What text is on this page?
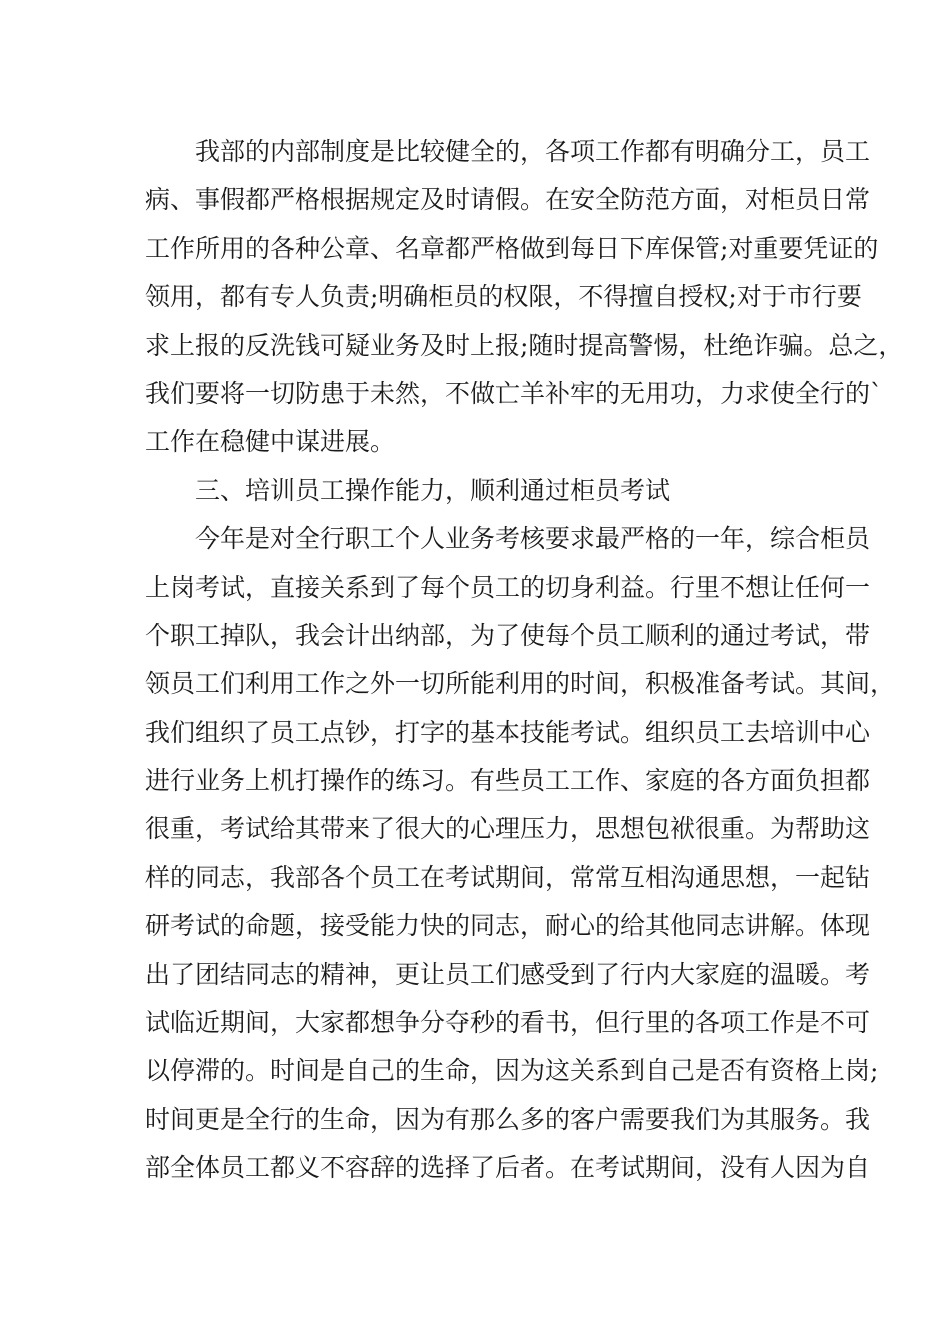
我部的内部制度是比较健全的，各项工作都有明确分工，员工
病、事假都严格根据规定及时请假。在安全防范方面，对柜员日常
工作所用的各种公章、名章都严格做到每日下库保管;对重要凭证的
领用，都有专人负责;明确柜员的权限，不得擅自授权;对于市行要
求上报的反洗钱可疑业务及时上报;随时提高警惕，杜绝诈骗。总之，
我们要将一切防患于未然，不做亡羊补牢的无用功，力求使全行的`
工作在稳健中谋进展。
三、培训员工操作能力，顺利通过柜员考试
今年是对全行职工个人业务考核要求最严格的一年，综合柜员
上岗考试，直接关系到了每个员工的切身利益。行里不想让任何一
个职工掉队，我会计出纳部，为了使每个员工顺利的通过考试，带
领员工们利用工作之外一切所能利用的时间，积极准备考试。其间，
我们组织了员工点钞，打字的基本技能考试。组织员工去培训中心
进行业务上机打操作的练习。有些员工工作、家庭的各方面负担都
很重，考试给其带来了很大的心理压力，思想包袱很重。为帮助这
样的同志，我部各个员工在考试期间，常常互相沟通思想，一起钻
研考试的命题，接受能力快的同志，耐心的给其他同志讲解。体现
出了团结同志的精神，更让员工们感受到了行内大家庭的温暖。考
试临近期间，大家都想争分夺秒的看书，但行里的各项工作是不可
以停滞的。时间是自己的生命，因为这关系到自己是否有资格上岗;
时间更是全行的生命，因为有那么多的客户需要我们为其服务。我
部全体员工都义不容辞的选择了后者。在考试期间，没有人因为自
